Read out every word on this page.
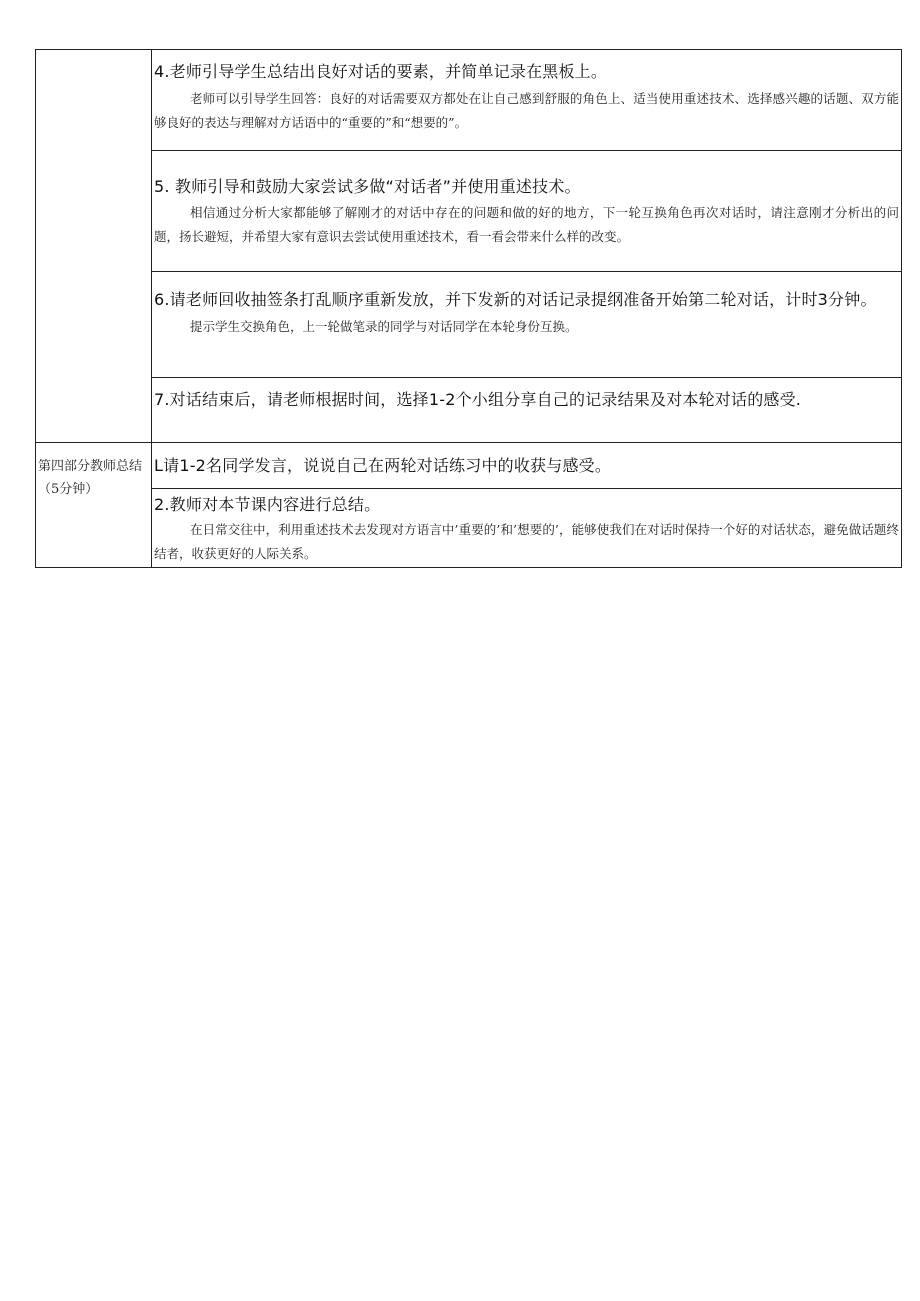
	4.老师引导学生总结出良好对话的要素，并简单记录在黑板上。
老师可以引导学生回答：良好的对话需要双方都处在让自己感到舒服的角色上、适当使用重述技术、选择感兴趣的话题、双方能够良好的表达与理解对方话语中的“重要的”和“想要的”。

	5. 教师引导和鼓励大家尝试多做“对话者”并使用重述技术。
相信通过分析大家都能够了解刚才的对话中存在的问题和做的好的地方，下一轮互换角色再次对话时，请注意刚才分析出的问题，扬长避短，并希望大家有意识去尝试使用重述技术，看一看会带来什么样的改变。

	6.请老师回收抽签条打乱顺序重新发放，并下发新的对话记录提纲准备开始第二轮对话，计时3分钟。
提示学生交换角色，上一轮做笔录的同学与对话同学在本轮身份互换。

	7.对话结束后，请老师根据时间，选择1-2个小组分享自己的记录结果及对本轮对话的感受.

第四部分教师总结（5分钟）	L请1-2名同学发言，说说自己在两轮对话练习中的收获与感受。

	2.教师对本节课内容进行总结。
在日常交往中，利用重述技术去发现对方语言中’重要的’和’想要的’，能够使我们在对话时保持一个好的对话状态，避免做话题终结者，收获更好的人际关系。
